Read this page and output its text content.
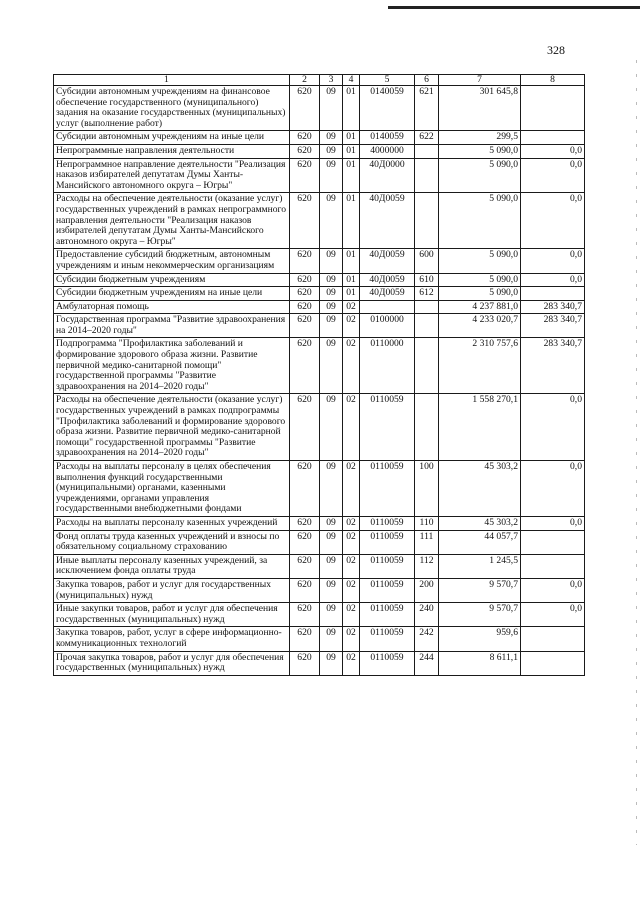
328
1	2	3	4	5	6	7	8
Субсидии автономным учреждениям на финансовое обеспечение государственного (муниципального) задания на оказание государственных (муниципальных) услуг (выполнение работ)	620	09	01	0140059	621	301 645,8	
Субсидии автономным учреждениям на иные цели	620	09	01	0140059	622	299,5	
Непрограммные направления деятельности	620	09	01	4000000		5 090,0	0,0
Непрограммное направление деятельности "Реализация наказов избирателей депутатам Думы Ханты-Мансийского автономного округа – Югры"	620	09	01	40Д0000		5 090,0	0,0
Расходы на обеспечение деятельности (оказание услуг) государственных учреждений в рамках непрограммного направления деятельности "Реализация наказов избирателей депутатам Думы Ханты-Мансийского автономного округа – Югры"	620	09	01	40Д0059		5 090,0	0,0
Предоставление субсидий бюджетным, автономным учреждениям и иным некоммерческим организациям	620	09	01	40Д0059	600	5 090,0	0,0
Субсидии бюджетным учреждениям	620	09	01	40Д0059	610	5 090,0	0,0
Субсидии бюджетным учреждениям на иные цели	620	09	01	40Д0059	612	5 090,0	
Амбулаторная помощь	620	09	02			4 237 881,0	283 340,7
Государственная программа "Развитие здравоохранения на 2014–2020 годы"	620	09	02	0100000		4 233 020,7	283 340,7
Подпрограмма "Профилактика заболеваний и формирование здорового образа жизни. Развитие первичной медико-санитарной помощи" государственной программы "Развитие здравоохранения на 2014–2020 годы"	620	09	02	0110000		2 310 757,6	283 340,7
Расходы на обеспечение деятельности (оказание услуг) государственных учреждений в рамках подпрограммы "Профилактика заболеваний и формирование здорового образа жизни. Развитие первичной медико-санитарной помощи" государственной программы "Развитие здравоохранения на 2014–2020 годы"	620	09	02	0110059		1 558 270,1	0,0
Расходы на выплаты персоналу в целях обеспечения выполнения функций государственными (муниципальными) органами, казенными учреждениями, органами управления государственными внебюджетными фондами	620	09	02	0110059	100	45 303,2	0,0
Расходы на выплаты персоналу казенных учреждений	620	09	02	0110059	110	45 303,2	0,0
Фонд оплаты труда казенных учреждений и взносы по обязательному социальному страхованию	620	09	02	0110059	111	44 057,7	
Иные выплаты персоналу казенных учреждений, за исключением фонда оплаты труда	620	09	02	0110059	112	1 245,5	
Закупка товаров, работ и услуг для государственных (муниципальных) нужд	620	09	02	0110059	200	9 570,7	0,0
Иные закупки товаров, работ и услуг для обеспечения государственных (муниципальных) нужд	620	09	02	0110059	240	9 570,7	0,0
Закупка товаров, работ, услуг в сфере информационно-коммуникационных технологий	620	09	02	0110059	242	959,6	
Прочая закупка товаров, работ и услуг для обеспечения государственных (муниципальных) нужд	620	09	02	0110059	244	8 611,1	
